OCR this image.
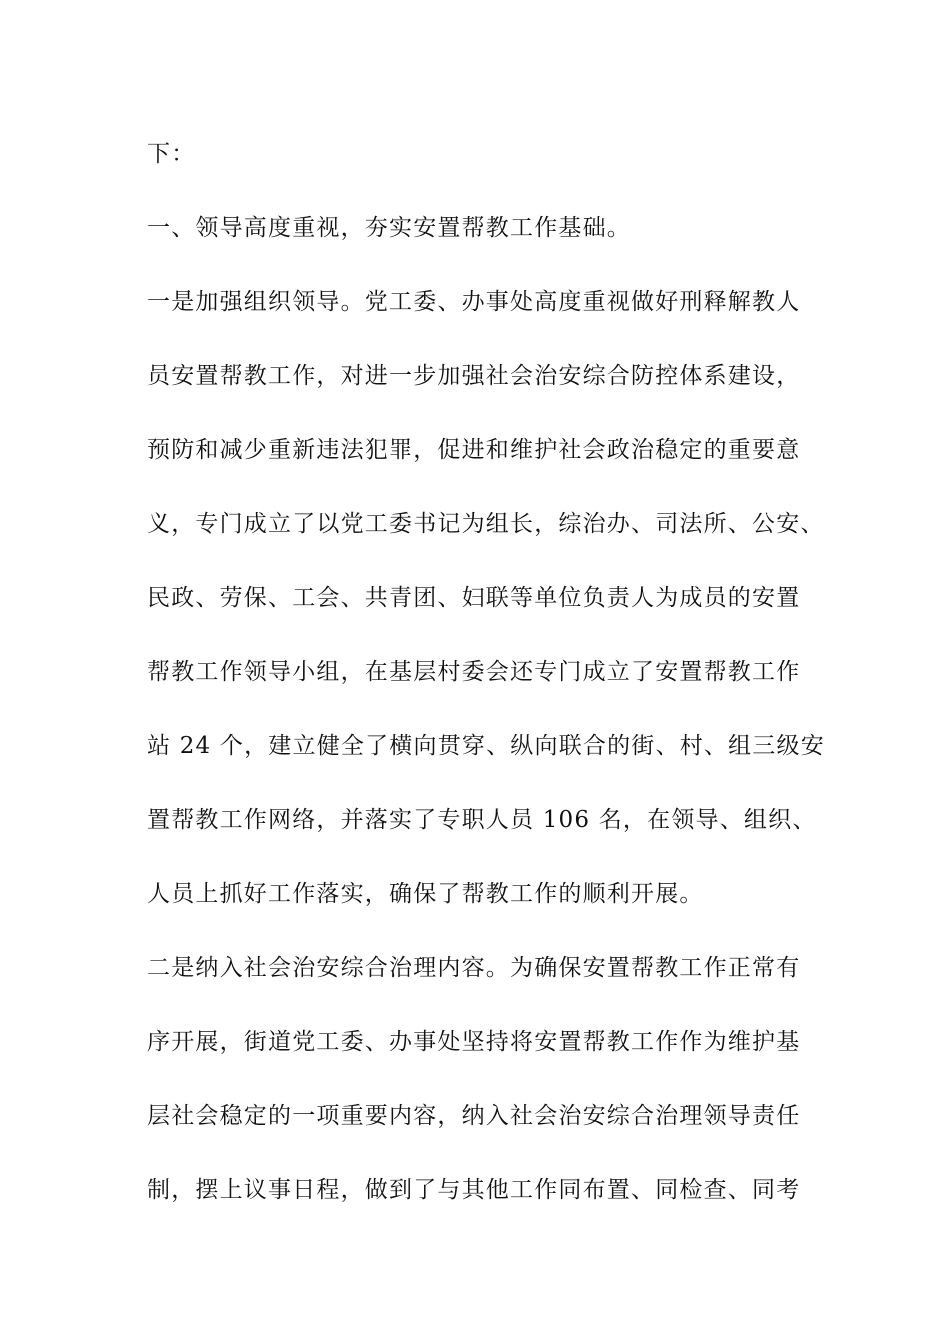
下：
一、领导高度重视，夯实安置帮教工作基础。
一是加强组织领导。党工委、办事处高度重视做好刑释解教人
员安置帮教工作，对进一步加强社会治安综合防控体系建设，
预防和减少重新违法犯罪，促进和维护社会政治稳定的重要意
义，专门成立了以党工委书记为组长，综治办、司法所、公安、
民政、劳保、工会、共青团、妇联等单位负责人为成员的安置
帮教工作领导小组，在基层村委会还专门成立了安置帮教工作
站 24 个，建立健全了横向贯穿、纵向联合的街、村、组三级安
置帮教工作网络，并落实了专职人员 106 名，在领导、组织、
人员上抓好工作落实，确保了帮教工作的顺利开展。
二是纳入社会治安综合治理内容。为确保安置帮教工作正常有
序开展，街道党工委、办事处坚持将安置帮教工作作为维护基
层社会稳定的一项重要内容，纳入社会治安综合治理领导责任
制，摆上议事日程，做到了与其他工作同布置、同检查、同考
